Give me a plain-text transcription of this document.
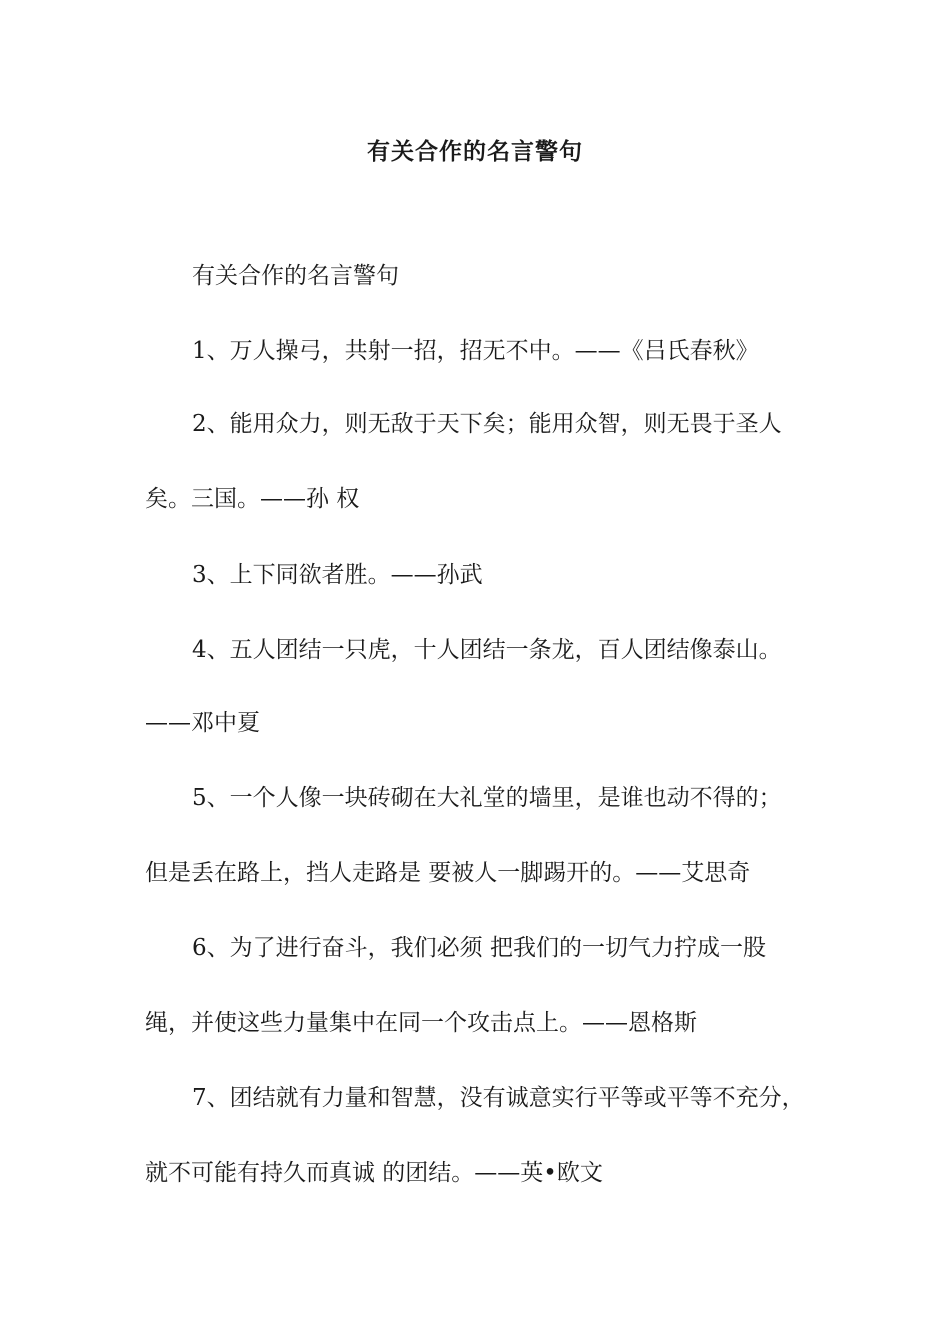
有关合作的名言警句
有关合作的名言警句
1、万人操弓，共射一招，招无不中。——《吕氏春秋》
2、能用众力，则无敌于天下矣；能用众智，则无畏于圣人
矣。三国。——孙 权
3、上下同欲者胜。——孙武
4、五人团结一只虎，十人团结一条龙，百人团结像泰山。
——邓中夏
5、一个人像一块砖砌在大礼堂的墙里，是谁也动不得的；
但是丢在路上，挡人走路是 要被人一脚踢开的。——艾思奇
6、为了进行奋斗，我们必须 把我们的一切气力拧成一股
绳，并使这些力量集中在同一个攻击点上。——恩格斯
7、团结就有力量和智慧，没有诚意实行平等或平等不充分，
就不可能有持久而真诚 的团结。——英•欧文
